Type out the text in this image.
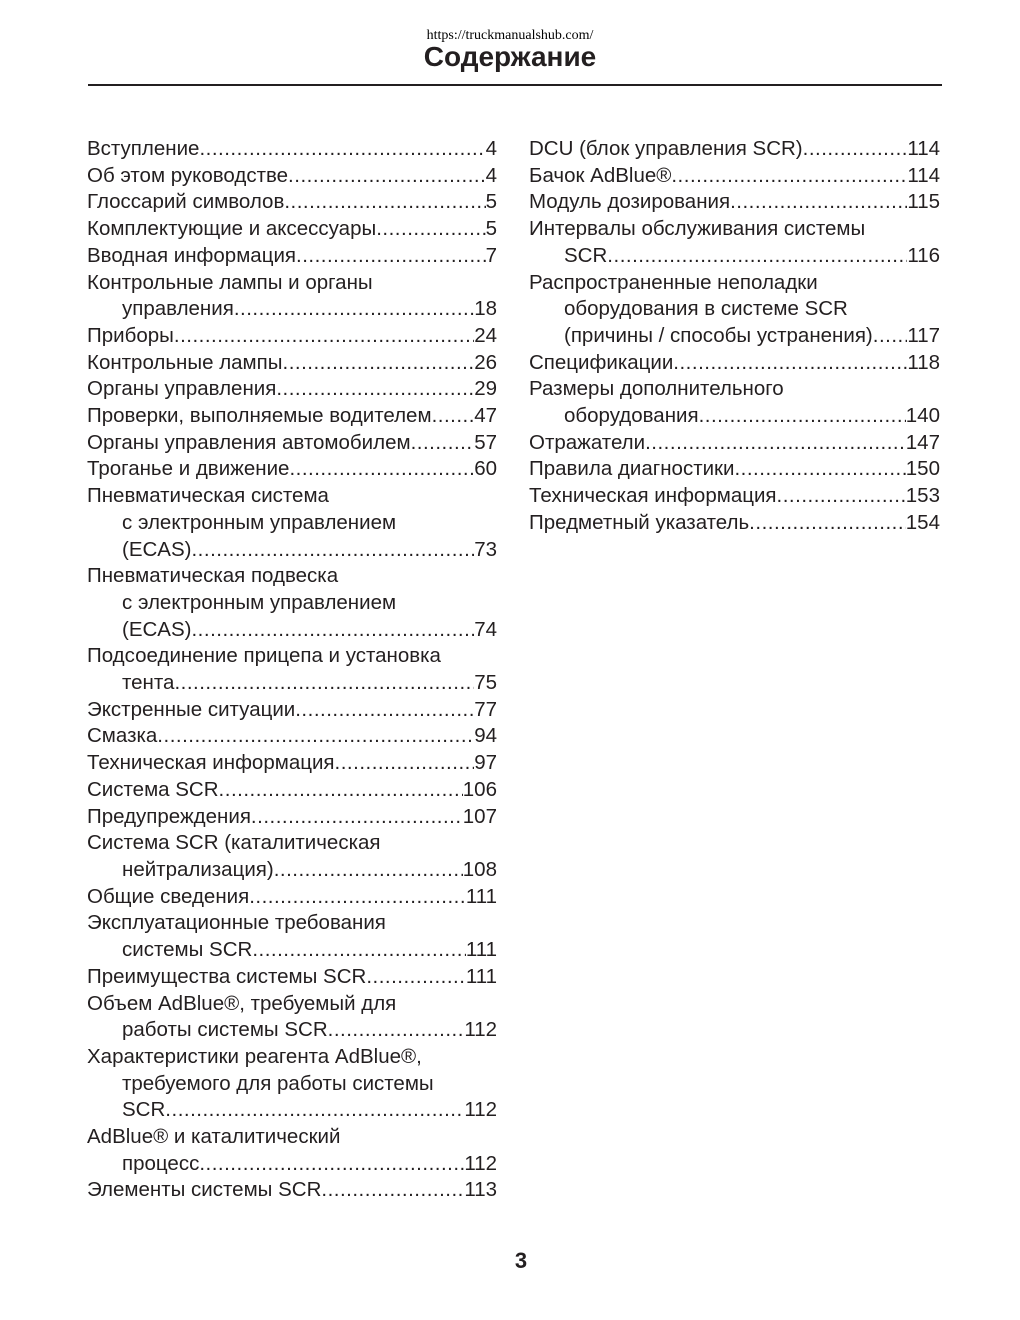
https://truckmanualshub.com/
Содержание
Вступление .....	4
Об этом руководстве .....	4
Глоссарий символов .....	5
Комплектующие и аксессуары .....	5
Вводная информация .....	7
Контрольные лампы и органы
управления .....	18
Приборы .....	24
Контрольные лампы .....	26
Органы управления .....	29
Проверки, выполняемые водителем ..... 47
Органы управления автомобилем .....	57
Троганье и движение .....	60
Пневматическая система
с электронным управлением
(ECAS) .....	73
Пневматическая подвеска
с электронным управлением
(ECAS) .....	74
Подсоединение прицепа и установка
тента .....	75
Экстренные ситуации .....	77
Смазка .....	94
Техническая информация .....	97
Система SCR .....	106
Предупреждения .....	107
Система SCR (каталитическая
нейтрализация) .....	108
Общие сведения .....	111
Эксплуатационные требования
системы SCR .....	111
Преимущества системы SCR .....	111
Объем AdBlue®, требуемый для
работы системы SCR .....	112
Характеристики реагента AdBlue®,
требуемого для работы системы
SCR .....	112
AdBlue® и каталитический
процесс .....	112
Элементы системы SCR .....	113
DCU (блок управления SCR) .....	114
Бачок AdBlue® .....	114
Модуль дозирования .....	115
Интервалы обслуживания системы
SCR .....	116
Распространенные неполадки
оборудования в системе SCR
(причины / способы устранения) ..... 117
Спецификации .....	118
Размеры дополнительного
оборудования .....	140
Отражатели .....	147
Правила диагностики .....	150
Техническая информация .....	153
Предметный указатель .....	154
3
